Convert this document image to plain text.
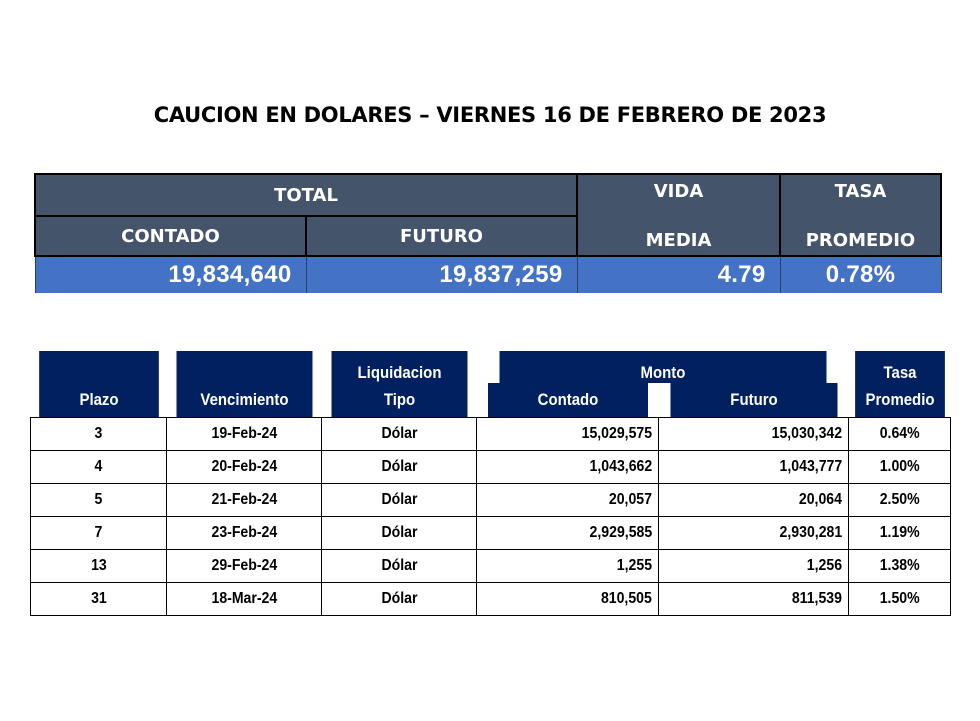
CAUCION EN DOLARES – VIERNES 16 DE FEBRERO DE 2023
TOTAL		VIDA	TASA
CONTADO	FUTURO	MEDIA	PROMEDIO
19,834,640	19,837,259	4.79	0.78%
		Liquidacion	Monto		Tasa
Plazo	Vencimiento	Tipo	Contado	Futuro	Promedio
3	19-Feb-24	Dólar	15,029,575	15,030,342	0.64%
4	20-Feb-24	Dólar	1,043,662	1,043,777	1.00%
5	21-Feb-24	Dólar	20,057	20,064	2.50%
7	23-Feb-24	Dólar	2,929,585	2,930,281	1.19%
13	29-Feb-24	Dólar	1,255	1,256	1.38%
31	18-Mar-24	Dólar	810,505	811,539	1.50%
